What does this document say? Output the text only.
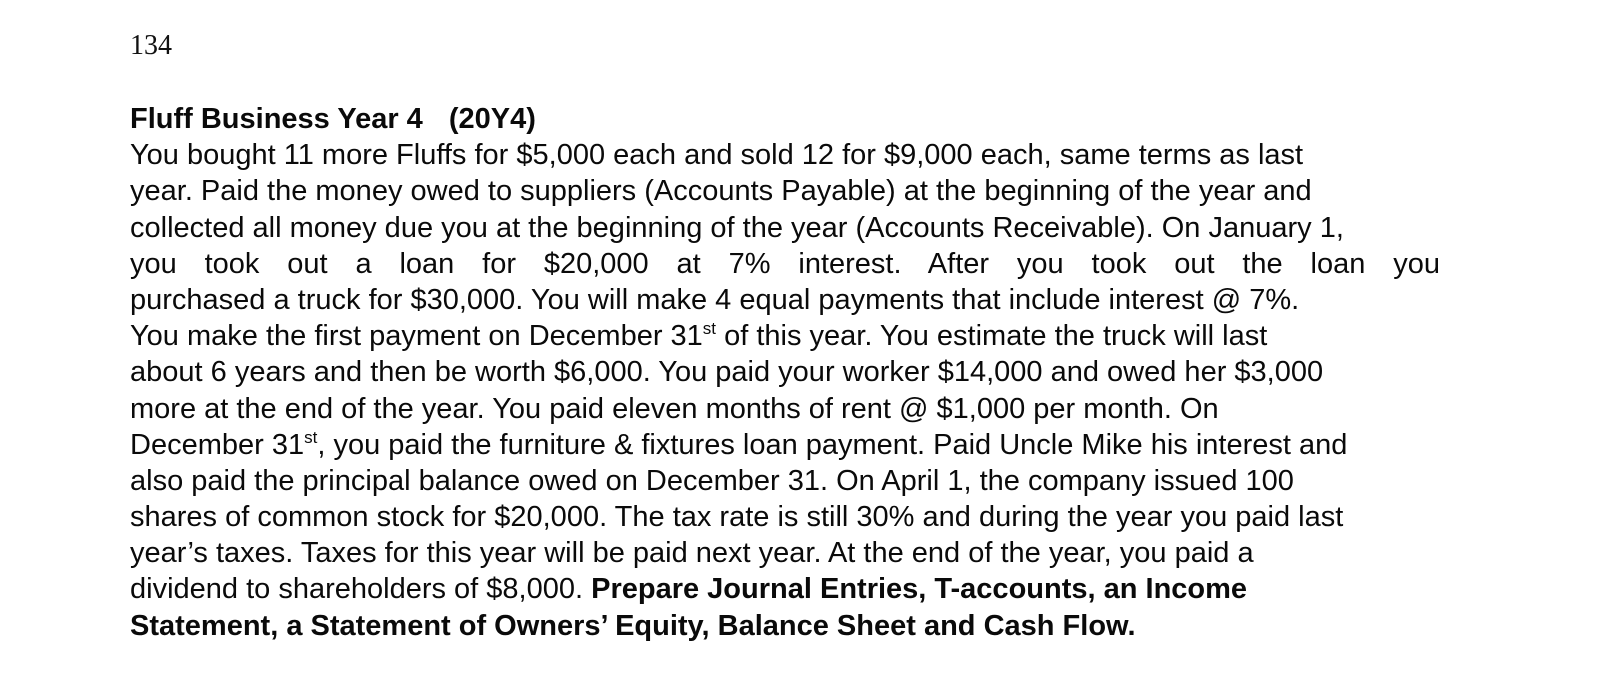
134
Fluff Business Year 4 (20Y4)
You bought 11 more Fluffs for $5,000 each and sold 12 for $9,000 each, same terms as last
year. Paid the money owed to suppliers (Accounts Payable) at the beginning of the year and
collected all money due you at the beginning of the year (Accounts Receivable). On January 1,
you took out a loan for $20,000 at 7% interest. After you took out the loan you
purchased a truck for $30,000. You will make 4 equal payments that include interest @ 7%.
You make the first payment on December 31st of this year. You estimate the truck will last
about 6 years and then be worth $6,000. You paid your worker $14,000 and owed her $3,000
more at the end of the year. You paid eleven months of rent @ $1,000 per month. On
December 31st, you paid the furniture & fixtures loan payment. Paid Uncle Mike his interest and
also paid the principal balance owed on December 31. On April 1, the company issued 100
shares of common stock for $20,000. The tax rate is still 30% and during the year you paid last
year’s taxes. Taxes for this year will be paid next year. At the end of the year, you paid a
dividend to shareholders of $8,000. Prepare Journal Entries, T-accounts, an Income
Statement, a Statement of Owners’ Equity, Balance Sheet and Cash Flow.
